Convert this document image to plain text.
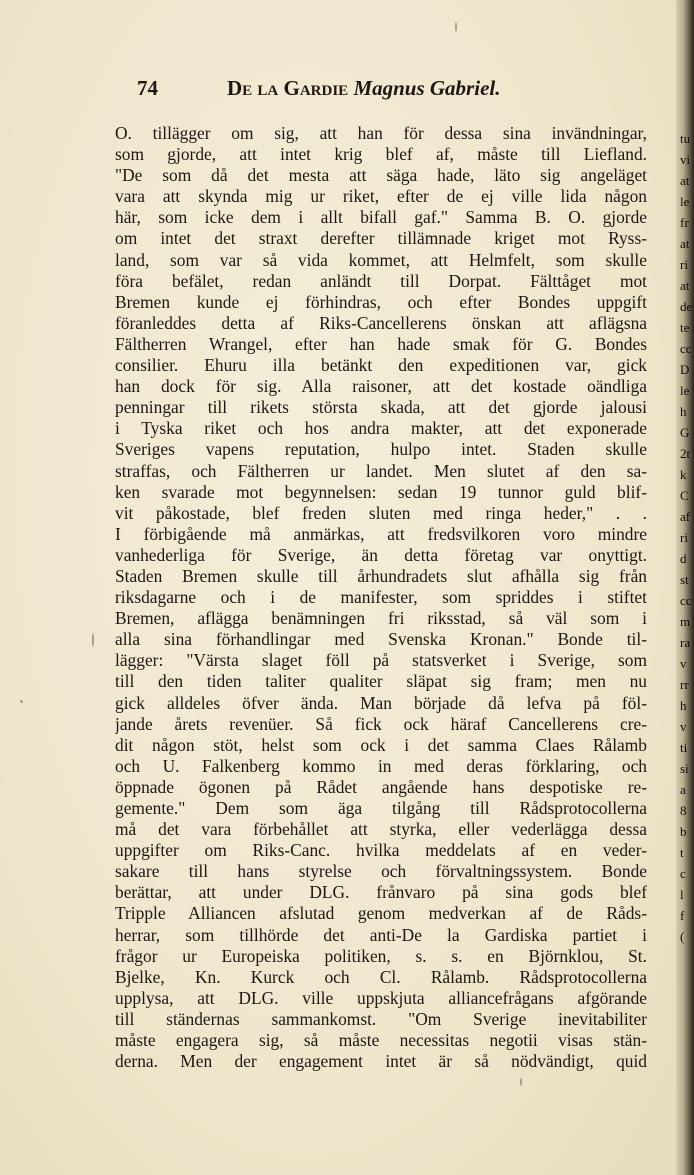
74	De la Gardie Magnus Gabriel.
O. tillägger om sig, att han för dessa sina invändningar,
som gjorde, att intet krig blef af, måste till Liefland.
"De som då det mesta att säga hade, läto sig angeläget
vara att skynda mig ur riket, efter de ej ville lida någon
här, som icke dem i allt bifall gaf." Samma B. O. gjorde
om intet det straxt derefter tillämnade kriget mot Ryss-
land, som var så vida kommet, att Helmfelt, som skulle
föra befälet, redan anländt till Dorpat. Fälttåget mot
Bremen kunde ej förhindras, och efter Bondes uppgift
föranleddes detta af Riks-Cancellerens önskan att aflägsna
Fältherren Wrangel, efter han hade smak för G. Bondes
consilier. Ehuru illa betänkt den expeditionen var, gick
han dock för sig. Alla raisoner, att det kostade oändliga
penningar till rikets största skada, att det gjorde jalousi
i Tyska riket och hos andra makter, att det exponerade
Sveriges vapens reputation, hulpo intet. Staden skulle
straffas, och Fältherren ur landet. Men slutet af den sa-
ken svarade mot begynnelsen: sedan 19 tunnor guld blif-
vit påkostade, blef freden sluten med ringa heder," . .
I förbigående må anmärkas, att fredsvilkoren voro mindre
vanhederliga för Sverige, än detta företag var onyttigt.
Staden Bremen skulle till århundradets slut afhålla sig från
riksdagarne och i de manifester, som spriddes i stiftet
Bremen, aflägga benämningen fri riksstad, så väl som i
alla sina förhandlingar med Svenska Kronan." Bonde til-
lägger: "Värsta slaget föll på statsverket i Sverige, som
till den tiden taliter qualiter släpat sig fram; men nu
gick alldeles öfver ända. Man började då lefva på föl-
jande årets revenüer. Så fick ock häraf Cancellerens cre-
dit någon stöt, helst som ock i det samma Claes Rålamb
och U. Falkenberg kommo in med deras förklaring, och
öppnade ögonen på Rådet angående hans despotiske re-
gemente." Dem som äga tilgång till Rådsprotocollerna
må det vara förbehållet att styrka, eller vederlägga dessa
uppgifter om Riks-Canc. hvilka meddelats af en veder-
sakare till hans styrelse och förvaltningssystem. Bonde
berättar, att under DLG. frånvaro på sina gods blef
Tripple Alliancen afslutad genom medverkan af de Råds-
herrar, som tillhörde det anti-De la Gardiska partiet i
frågor ur Europeiska politiken, s. s. en Björnklou, St.
Bjelke, Kn. Kurck och Cl. Rålamb. Rådsprotocollerna
upplysa, att DLG. ville uppskjuta alliancefrågans afgörande
till ständernas sammankomst. "Om Sverige inevitabiliter
måste engagera sig, så måste necessitas negotii visas stän-
derna. Men der engagement intet är så nödvändigt, quid
tu
vi
at
le
fr
at
ri
at
de
te
cc
D
le
h
G
2t
k
C
af
ri
d
st
cc
m
ra
v
rr
h
v
ti
si
a
8
b
t
c
l
f
(
